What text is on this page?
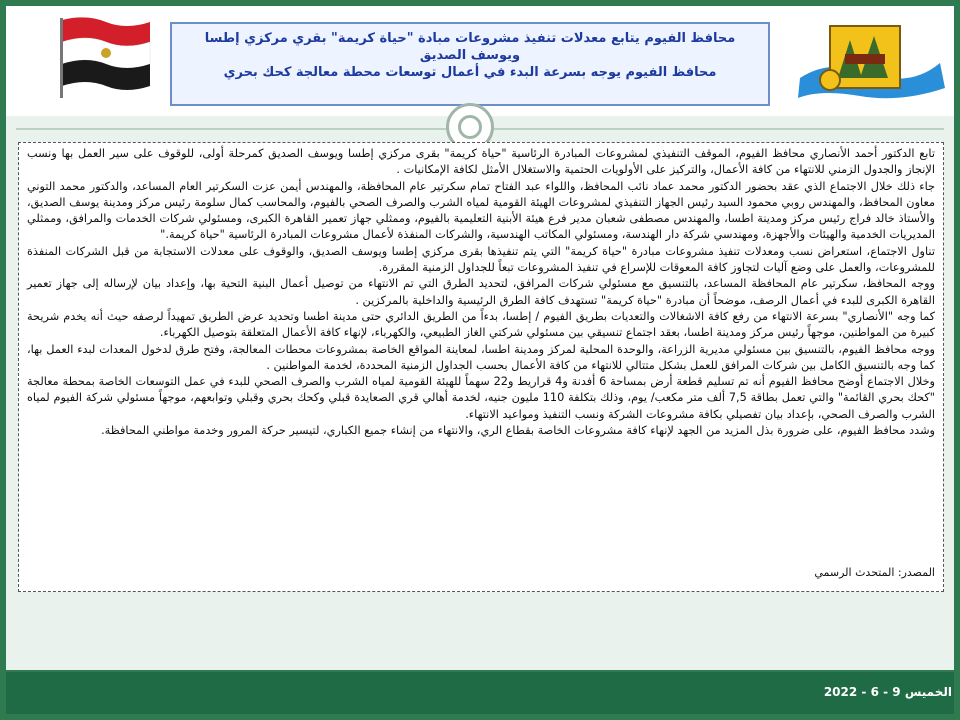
محافظ الفيوم يتابع معدلات تنفيذ مشروعات مبادة "حياة كريمة" بقري مركزي إطسا ويوسف الصديق
محافظ الفيوم يوجه بسرعة البدء في أعمال توسعات محطة معالجة كحك بحري

تابع الدكتور أحمد الأنصاري محافظ الفيوم، الموقف التنفيذي لمشروعات المبادرة الرئاسية "حياة كريمة" بقرى مركزي إطسا ويوسف الصديق كمرحلة أولى، للوقوف على سير العمل بها ونسب الإنجاز والجدول الزمني للانتهاء من كافة الأعمال، والتركيز على الأولويات الحتمية والاستغلال الأمثل لكافة الإمكانيات .

جاء ذلك خلال الاجتماع الذي عقد بحضور الدكتور محمد عماد نائب المحافظ، واللواء عبد الفتاح تمام سكرتير عام المحافظة، والمهندس أيمن عزت السكرتير العام المساعد، والدكتور محمد التوني معاون المحافظ، والمهندس روبي محمود السيد رئيس الجهاز التنفيذي لمشروعات الهيئة القومية لمياه الشرب والصرف الصحي بالفيوم، والمحاسب كمال سلومة رئيس مركز ومدينة يوسف الصديق، والأستاذ خالد فراج رئيس مركز ومدينة اطسا، والمهندس مصطفى شعبان مدير فرع هيئة الأبنية التعليمية بالفيوم، وممثلي جهاز تعمير القاهرة الكبرى، ومسئولي شركات الخدمات والمرافق، وممثلي المديريات الخدمية والهيئات والأجهزة، ومهندسي شركة دار الهندسة، ومسئولي المكاتب الهندسية، والشركات المنفذة لأعمال مشروعات المبادرة الرئاسية "حياة كريمة."

تناول الاجتماع، استعراض نسب ومعدلات تنفيذ مشروعات مبادرة "حياة كريمة" التي يتم تنفيذها بقرى مركزي إطسا ويوسف الصديق، والوقوف على معدلات الاستجابة من قبل الشركات المنفذة للمشروعات، والعمل على وضع آليات لتجاوز كافة المعوقات للإسراع في تنفيذ المشروعات تبعاً للجداول الزمنية المقررة.

ووجه المحافظ، سكرتير عام المحافظة المساعد، بالتنسيق مع مسئولي شركات المرافق، لتحديد الطرق التي تم الانتهاء من توصيل أعمال البنية التحية بها، وإعداد بيان لإرساله إلى جهاز تعمير القاهرة الكبرى للبدء في أعمال الرصف، موضحاً أن مبادرة "حياة كريمة" تستهدف كافة الطرق الرئيسية والداخلية بالمركزين .

كما وجه "الأنصاري" بسرعة الانتهاء من رفع كافة الاشغالات والتعديات بطريق الفيوم / إطسا، بدءاً من الطريق الدائري حتى مدينة اطسا وتحديد عرض الطريق تمهيداً لرصفه حيث أنه يخدم شريحة كبيرة من المواطنين، موجهاً رئيس مركز ومدينة اطسا، بعقد اجتماع تنسيقي بين مسئولي شركتي الغاز الطبيعي، والكهرباء، لإنهاء كافة الأعمال المتعلقة بتوصيل الكهرباء.

ووجه محافظ الفيوم، بالتنسيق بين مسئولي مديرية الزراعة، والوحدة المحلية لمركز ومدينة اطسا، لمعاينة المواقع الخاصة بمشروعات محطات المعالجة، وفتح طرق لدخول المعدات لبدء العمل بها، كما وجه بالتنسيق الكامل بين شركات المرافق للعمل بشكل متتالي للانتهاء من كافة الأعمال بحسب الجداول الزمنية المحددة، لخدمة المواطنين .

وخلال الاجتماع أوضح محافظ الفيوم أنه تم تسليم قطعة أرض بمساحة 6 أفدنة و4 قراريط و22 سهماً للهيئة القومية لمياه الشرب والصرف الصحي للبدء في عمل التوسعات الخاصة بمحطة معالجة "كحك بحري القائمة" والتي تعمل بطاقة 7,5 ألف متر مكعب/ يوم، وذلك بتكلفة 110 مليون جنيه، لخدمة أهالي قري الصعايدة قبلي وكحك بحري وقبلي وتوابعهم، موجهاً مسئولي شركة الفيوم لمياه الشرب والصرف الصحي، بإعداد بيان تفصيلي بكافة مشروعات الشركة ونسب التنفيذ ومواعيد الانتهاء.

وشدد محافظ الفيوم، على ضرورة بذل المزيد من الجهد لإنهاء كافة مشروعات الخاصة بقطاع الري، والانتهاء من إنشاء جميع الكباري، لتيسير حركة المرور وخدمة مواطني المحافظة.

المصدر: المتحدث الرسمي
الخميس 9 - 6 - 2022
